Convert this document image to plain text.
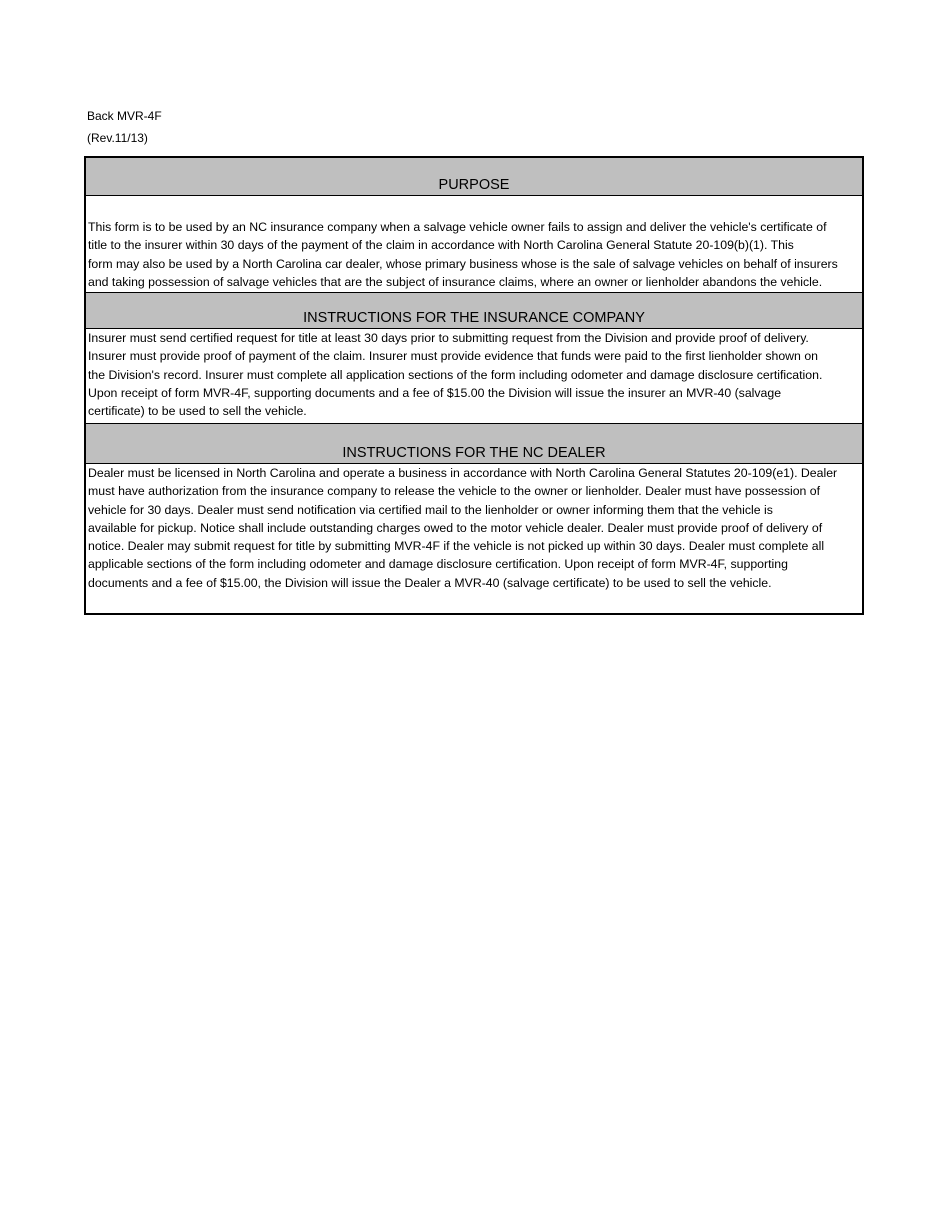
Back MVR-4F
(Rev.11/13)
PURPOSE
This form is to be used by an NC insurance company when a salvage vehicle owner fails to assign and deliver the vehicle's certificate of
title to the insurer within 30 days of the payment of the claim in accordance with North Carolina General Statute 20-109(b)(1). This
form may also be used by a North Carolina car dealer, whose primary business whose is the sale of salvage vehicles on behalf of insurers
and taking possession of salvage vehicles that are the subject of insurance claims, where an owner or lienholder abandons the vehicle.
INSTRUCTIONS FOR THE INSURANCE COMPANY
Insurer must send certified request for title at least 30 days prior to submitting request from the Division and provide proof of delivery.
Insurer must provide proof of payment of the claim. Insurer must provide evidence that funds were paid to the first lienholder shown on
the Division's record. Insurer must complete all application sections of the form including odometer and damage disclosure certification.
Upon receipt of form MVR-4F, supporting documents and a fee of $15.00 the Division will issue the insurer an MVR-40 (salvage
certificate) to be used to sell the vehicle.
INSTRUCTIONS FOR THE NC DEALER
Dealer must be licensed in North Carolina and operate a business in accordance with North Carolina General Statutes 20-109(e1). Dealer
must have authorization from the insurance company to release the vehicle to the owner or lienholder. Dealer must have possession of
vehicle for 30 days. Dealer must send notification via certified mail to the lienholder or owner informing them that the vehicle is
available for pickup. Notice shall include outstanding charges owed to the motor vehicle dealer. Dealer must provide proof of delivery of
notice. Dealer may submit request for title by submitting MVR-4F if the vehicle is not picked up within 30 days. Dealer must complete all
applicable sections of the form including odometer and damage disclosure certification. Upon receipt of form MVR-4F, supporting
documents and a fee of $15.00, the Division will issue the Dealer a MVR-40 (salvage certificate) to be used to sell the vehicle.
